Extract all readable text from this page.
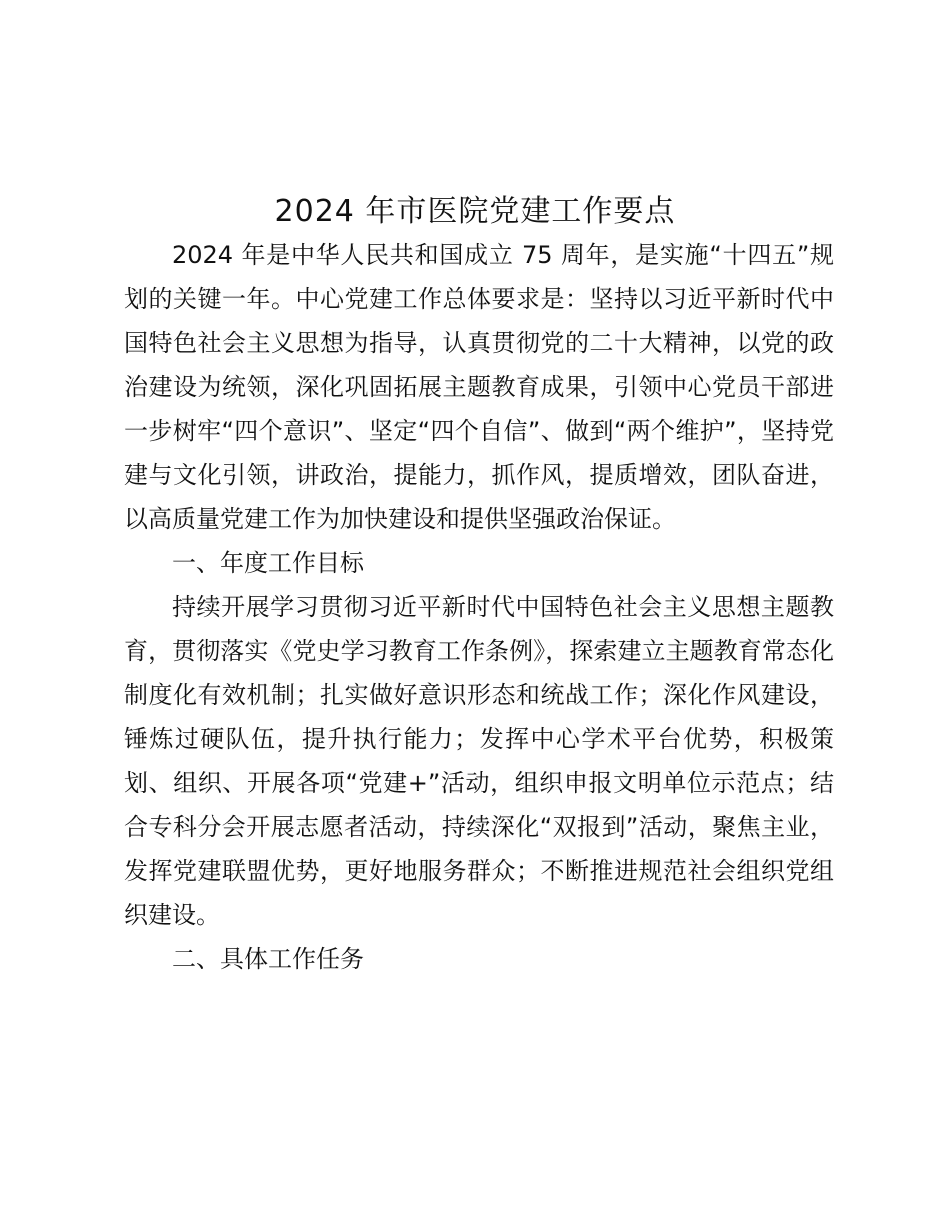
2024 年市医院党建工作要点

2024 年是中华人民共和国成立 75 周年，是实施“十四五”规划的关键一年。中心党建工作总体要求是：坚持以习近平新时代中国特色社会主义思想为指导，认真贯彻党的二十大精神，以党的政治建设为统领，深化巩固拓展主题教育成果，引领中心党员干部进一步树牢“四个意识”、坚定“四个自信”、做到“两个维护”，坚持党建与文化引领，讲政治，提能力，抓作风，提质增效，团队奋进，以高质量党建工作为加快建设和提供坚强政治保证。

一、年度工作目标

持续开展学习贯彻习近平新时代中国特色社会主义思想主题教育，贯彻落实《党史学习教育工作条例》，探索建立主题教育常态化制度化有效机制；扎实做好意识形态和统战工作；深化作风建设，锤炼过硬队伍，提升执行能力；发挥中心学术平台优势，积极策划、组织、开展各项“党建+”活动，组织申报文明单位示范点；结合专科分会开展志愿者活动，持续深化“双报到”活动，聚焦主业，发挥党建联盟优势，更好地服务群众；不断推进规范社会组织党组织建设。

二、具体工作任务
